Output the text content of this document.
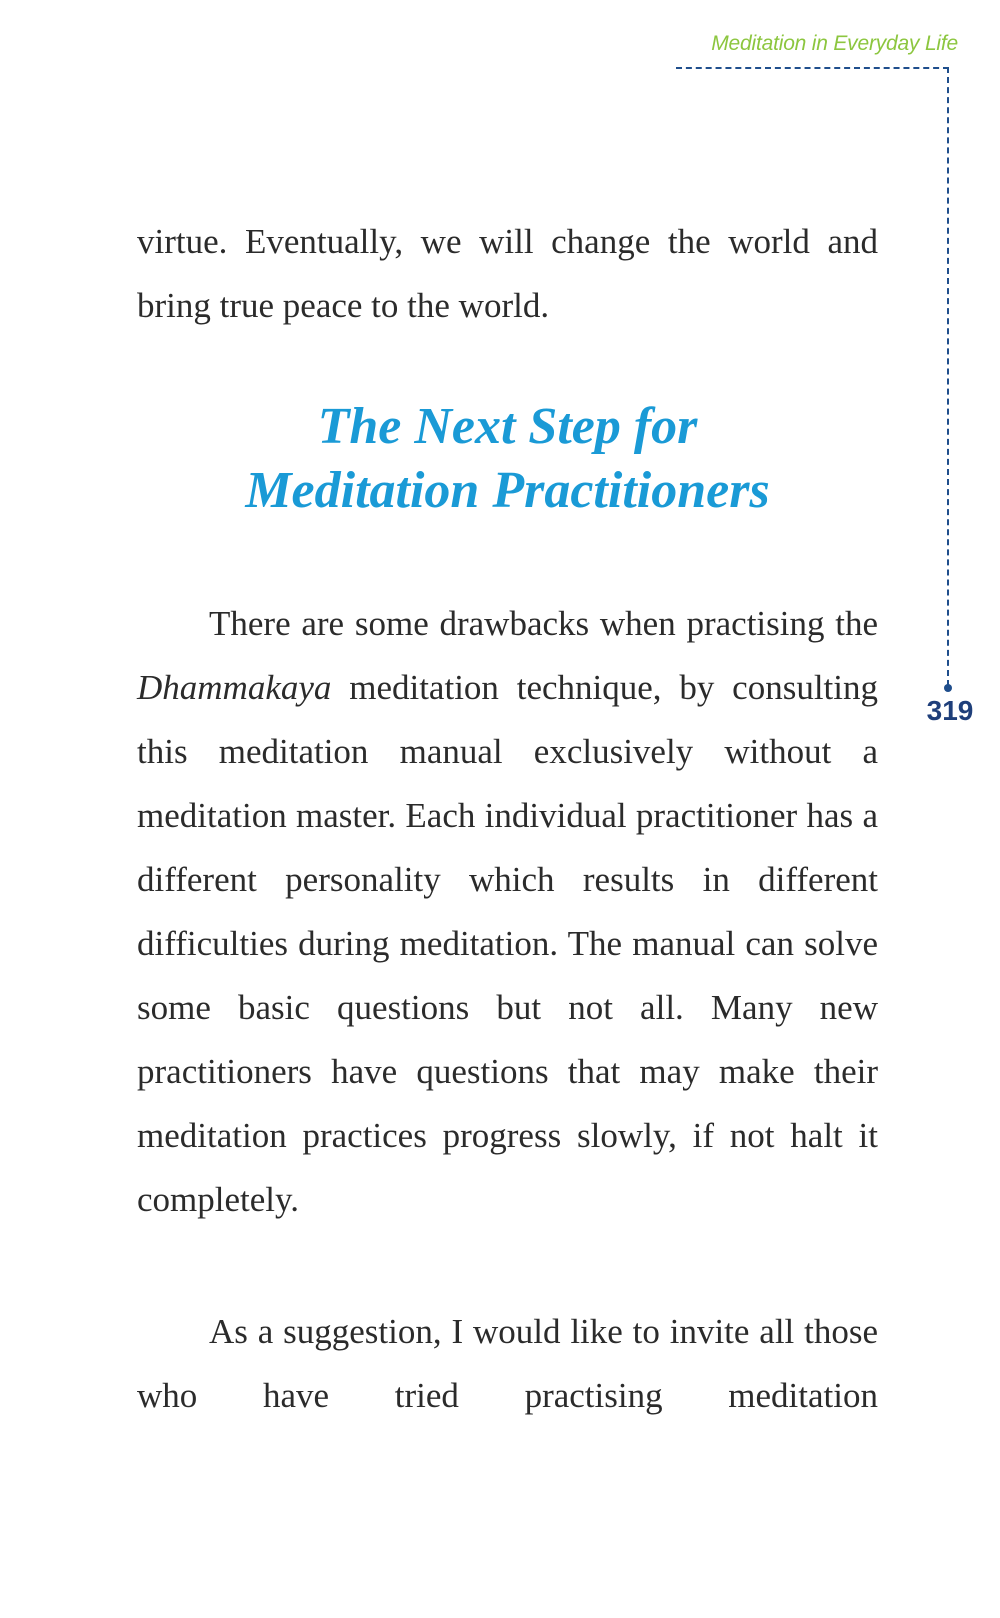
Meditation in Everyday Life
319

virtue. Eventually, we will change the world and bring true peace to the world.

The Next Step for
Meditation Practitioners

There are some drawbacks when practising the Dhammakaya meditation technique, by consulting this meditation manual exclusively without a meditation master. Each individual practitioner has a different personality which results in different difficulties during meditation. The manual can solve some basic questions but not all. Many new practitioners have questions that may make their meditation practices progress slowly, if not halt it completely.

As a suggestion, I would like to invite all those who have tried practising meditation
